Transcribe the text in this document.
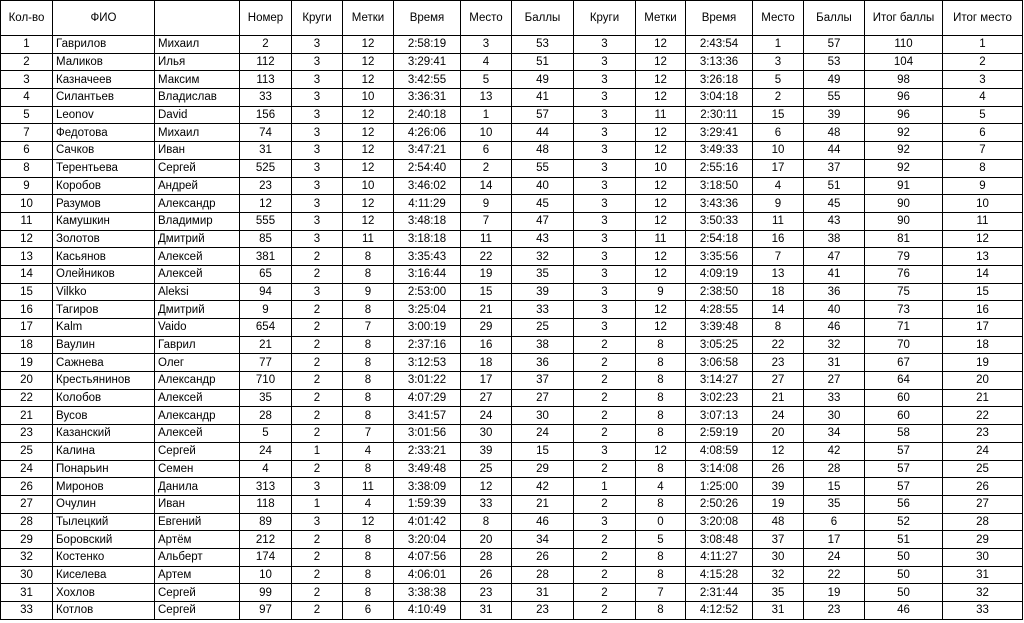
Кол-во	ФИО		Номер	Круги	Метки	Время	Место	Баллы	Круги	Метки	Время	Место	Баллы	Итог баллы	Итог место
1	Гаврилов	Михаил	2	3	12	2:58:19	3	53	3	12	2:43:54	1	57	110	1
2	Маликов	Илья	112	3	12	3:29:41	4	51	3	12	3:13:36	3	53	104	2
3	Казначеев	Максим	113	3	12	3:42:55	5	49	3	12	3:26:18	5	49	98	3
4	Силантьев	Владислав	33	3	10	3:36:31	13	41	3	12	3:04:18	2	55	96	4
5	Leonov	David	156	3	12	2:40:18	1	57	3	11	2:30:11	15	39	96	5
7	Федотова	Михаил	74	3	12	4:26:06	10	44	3	12	3:29:41	6	48	92	6
6	Сачков	Иван	31	3	12	3:47:21	6	48	3	12	3:49:33	10	44	92	7
8	Терентьева	Сергей	525	3	12	2:54:40	2	55	3	10	2:55:16	17	37	92	8
9	Коробов	Андрей	23	3	10	3:46:02	14	40	3	12	3:18:50	4	51	91	9
10	Разумов	Александр	12	3	12	4:11:29	9	45	3	12	3:43:36	9	45	90	10
11	Камушкин	Владимир	555	3	12	3:48:18	7	47	3	12	3:50:33	11	43	90	11
12	Золотов	Дмитрий	85	3	11	3:18:18	11	43	3	11	2:54:18	16	38	81	12
13	Касьянов	Алексей	381	2	8	3:35:43	22	32	3	12	3:35:56	7	47	79	13
14	Олейников	Алексей	65	2	8	3:16:44	19	35	3	12	4:09:19	13	41	76	14
15	Vilkko	Aleksi	94	3	9	2:53:00	15	39	3	9	2:38:50	18	36	75	15
16	Тагиров	Дмитрий	9	2	8	3:25:04	21	33	3	12	4:28:55	14	40	73	16
17	Kalm	Vaido	654	2	7	3:00:19	29	25	3	12	3:39:48	8	46	71	17
18	Ваулин	Гаврил	21	2	8	2:37:16	16	38	2	8	3:05:25	22	32	70	18
19	Сажнева	Олег	77	2	8	3:12:53	18	36	2	8	3:06:58	23	31	67	19
20	Крестьянинов	Александр	710	2	8	3:01:22	17	37	2	8	3:14:27	27	27	64	20
22	Колобов	Алексей	35	2	8	4:07:29	27	27	2	8	3:02:23	21	33	60	21
21	Вусов	Александр	28	2	8	3:41:57	24	30	2	8	3:07:13	24	30	60	22
23	Казанский	Алексей	5	2	7	3:01:56	30	24	2	8	2:59:19	20	34	58	23
25	Калина	Сергей	24	1	4	2:33:21	39	15	3	12	4:08:59	12	42	57	24
24	Понарьин	Семен	4	2	8	3:49:48	25	29	2	8	3:14:08	26	28	57	25
26	Миронов	Данила	313	3	11	3:38:09	12	42	1	4	1:25:00	39	15	57	26
27	Очулин	Иван	118	1	4	1:59:39	33	21	2	8	2:50:26	19	35	56	27
28	Тылецкий	Евгений	89	3	12	4:01:42	8	46	3	0	3:20:08	48	6	52	28
29	Боровский	Артём	212	2	8	3:20:04	20	34	2	5	3:08:48	37	17	51	29
32	Костенко	Альберт	174	2	8	4:07:56	28	26	2	8	4:11:27	30	24	50	30
30	Киселева	Артем	10	2	8	4:06:01	26	28	2	8	4:15:28	32	22	50	31
31	Хохлов	Сергей	99	2	8	3:38:38	23	31	2	7	2:31:44	35	19	50	32
33	Котлов	Сергей	97	2	6	4:10:49	31	23	2	8	4:12:52	31	23	46	33
